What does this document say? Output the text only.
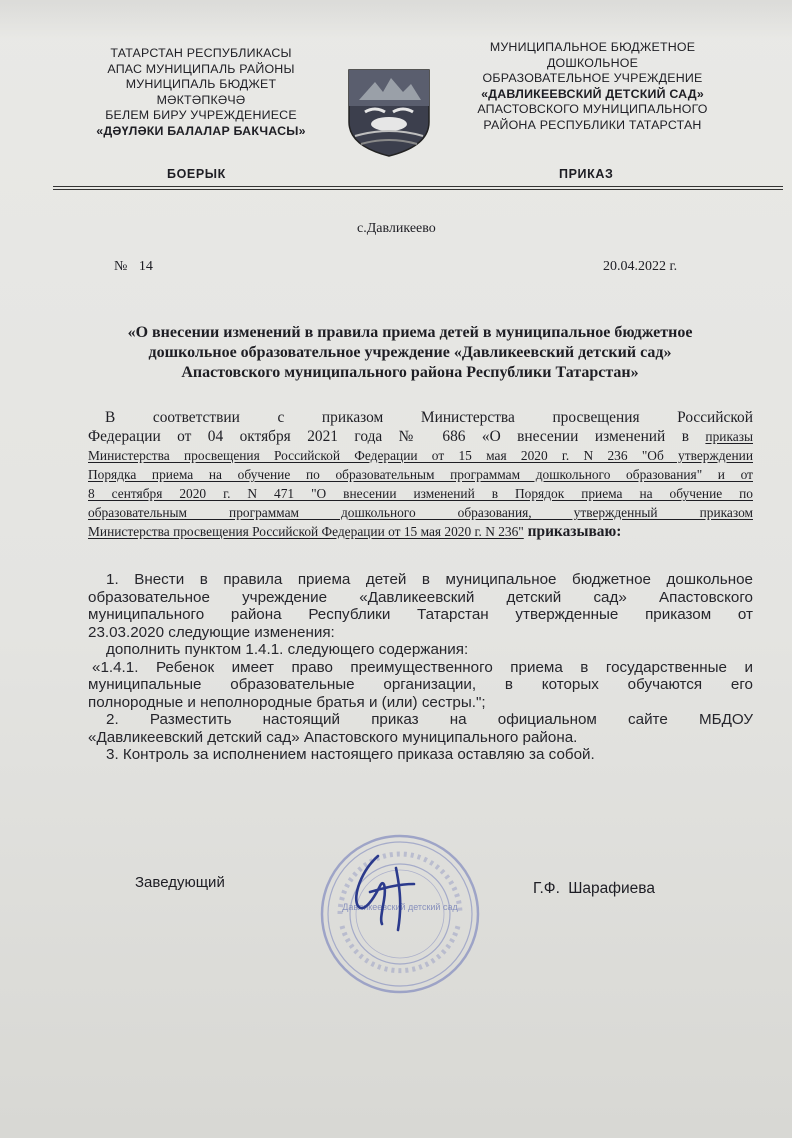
ТАТАРСТАН РЕСПУБЛИКАСЫ
АПАС МУНИЦИПАЛЬ РАЙОНЫ
МУНИЦИПАЛЬ БЮДЖЕТ
МӘКТӘПКӘЧӘ
БЕЛЕМ БИРУ УЧРЕЖДЕНИЕСЕ
«ДӘҮЛӘКИ БАЛАЛАР БАКЧАСЫ»
МУНИЦИПАЛЬНОЕ БЮДЖЕТНОЕ
ДОШКОЛЬНОЕ
ОБРАЗОВАТЕЛЬНОЕ УЧРЕЖДЕНИЕ
«ДАВЛИКЕЕВСКИЙ ДЕТСКИЙ САД»
АПАСТОВСКОГО МУНИЦИПАЛЬНОГО
РАЙОНА РЕСПУБЛИКИ ТАТАРСТАН
БОЕРЫК	ПРИКАЗ
с.Давликеево
№ 14	20.04.2022 г.
«О внесении изменений в правила приема детей в муниципальное бюджетное
дошкольное образовательное учреждение «Давликеевский детский сад»
Апастовского муниципального района Республики Татарстан»
В соответствии с приказом Министерства просвещения Российской
Федерации от 04 октября 2021 года № 686 «О внесении изменений в приказы
Министерства просвещения Российской Федерации от 15 мая 2020 г. N 236 "Об утверждении
Порядка приема на обучение по образовательным программам дошкольного образования" и от
8 сентября 2020 г. N 471 "О внесении изменений в Порядок приема на обучение по
образовательным программам дошкольного образования, утвержденный приказом
Министерства просвещения Российской Федерации от 15 мая 2020 г. N 236" приказываю:
1. Внести в правила приема детей в муниципальное бюджетное дошкольное
образовательное учреждение «Давликеевский детский сад» Апастовского
муниципального района Республики Татарстан утвержденные приказом от
23.03.2020 следующие изменения:
дополнить пунктом 1.4.1. следующего содержания:
«1.4.1. Ребенок имеет право преимущественного приема в государственные и
муниципальные образовательные организации, в которых обучаются его
полнородные и неполнородные братья и (или) сестры.";
2. Разместить настоящий приказ на официальном сайте МБДОУ
«Давликеевский детский сад» Апастовского муниципального района.
3. Контроль за исполнением настоящего приказа оставляю за собой.
Давликеевский детский сад
Заведующий	Г.Ф. Шарафиева
